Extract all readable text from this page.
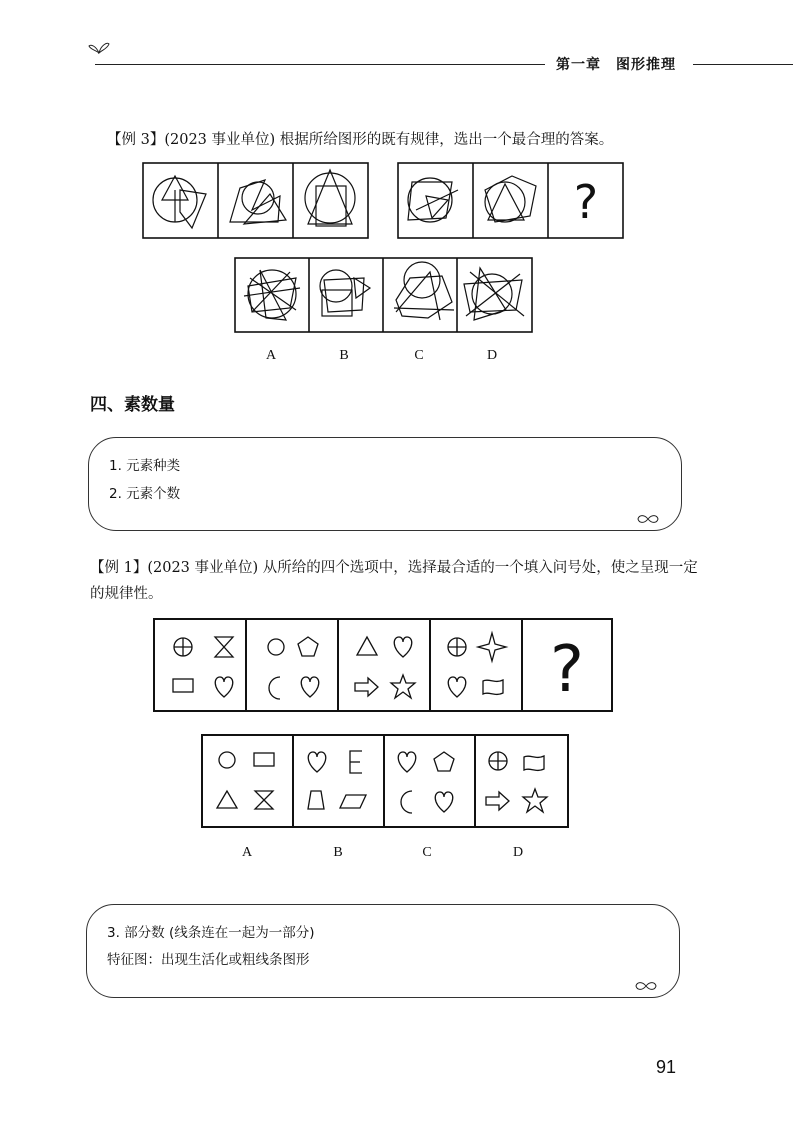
第一章　图形推理
【例 3】(2023 事业单位) 根据所给图形的既有规律，选出一个最合理的答案。
?
A	B	C	D
四、素数量
1. 元素种类
2. 元素个数
【例 1】(2023 事业单位) 从所给的四个选项中，选择最合适的一个填入问号处，使之呈现一定的规律性。
?
A	B	C	D
3. 部分数 (线条连在一起为一部分)
特征图：出现生活化或粗线条图形
91
